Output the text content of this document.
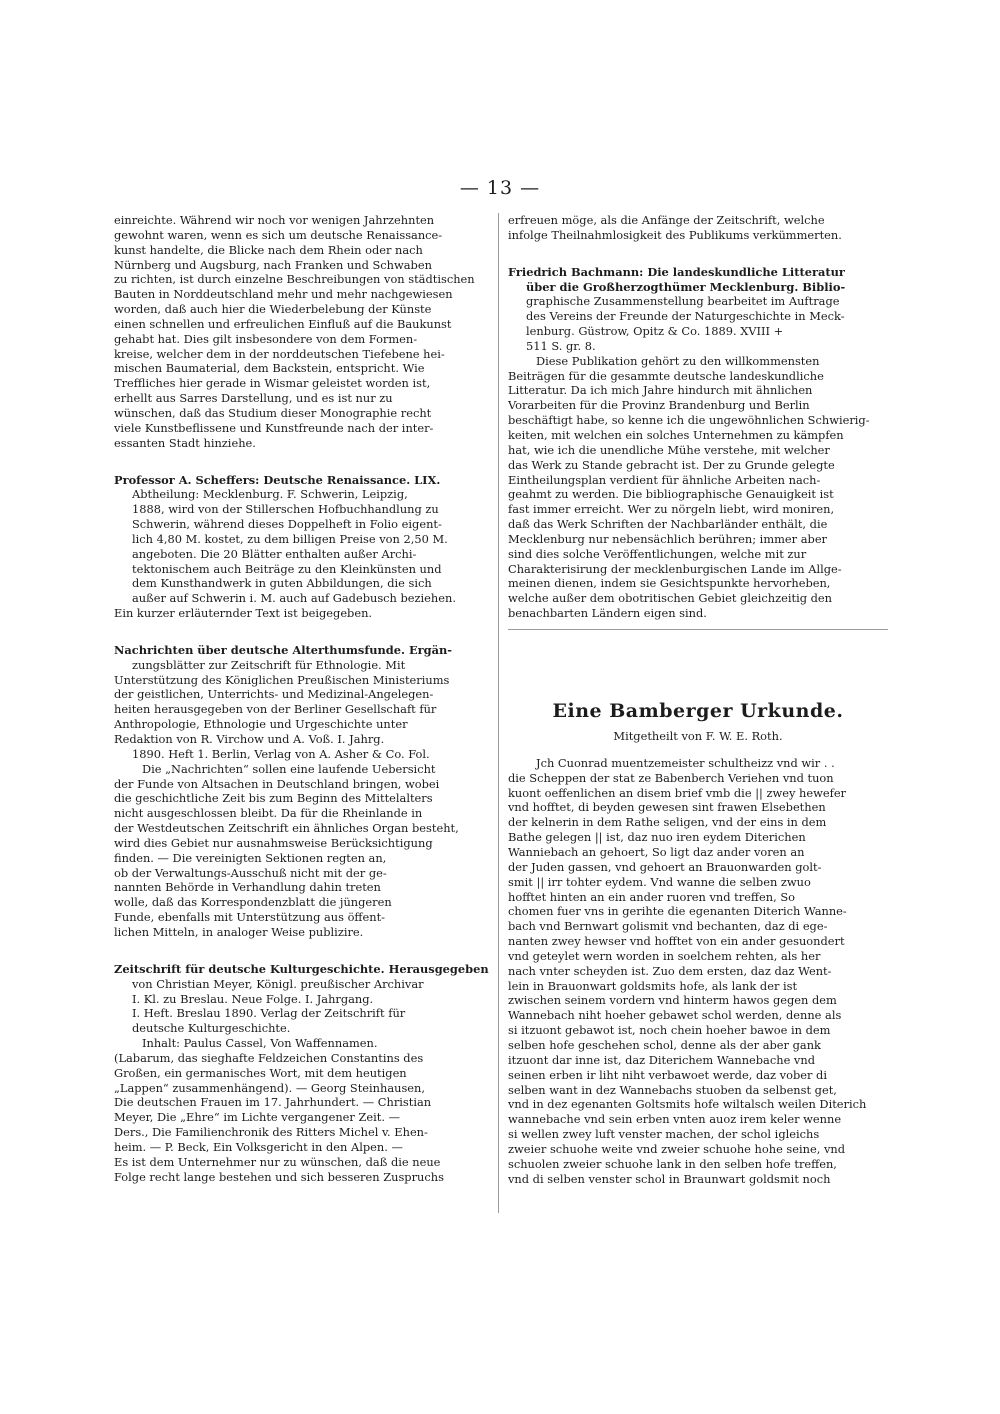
— 13 —
einreichte. Während wir noch vor wenigen Jahrzehnten
gewohnt waren, wenn es sich um deutsche Renaissance-
kunst handelte, die Blicke nach dem Rhein oder nach
Nürnberg und Augsburg, nach Franken und Schwaben
zu richten, ist durch einzelne Beschreibungen von städtischen
Bauten in Norddeutschland mehr und mehr nachgewiesen
worden, daß auch hier die Wiederbelebung der Künste
einen schnellen und erfreulichen Einfluß auf die Baukunst
gehabt hat. Dies gilt insbesondere von dem Formen-
kreise, welcher dem in der norddeutschen Tiefebene hei-
mischen Baumaterial, dem Backstein, entspricht. Wie
Treffliches hier gerade in Wismar geleistet worden ist,
erhellt aus Sarres Darstellung, und es ist nur zu
wünschen, daß das Studium dieser Monographie recht
viele Kunstbeflissene und Kunstfreunde nach der inter-
essanten Stadt hinziehe.
Professor A. Scheffers: Deutsche Renaissance. LIX.
Abtheilung: Mecklenburg. F. Schwerin, Leipzig,
1888, wird von der Stillerschen Hofbuchhandlung zu
Schwerin, während dieses Doppelheft in Folio eigent-
lich 4,80 M. kostet, zu dem billigen Preise von 2,50 M.
angeboten. Die 20 Blätter enthalten außer Archi-
tektonischem auch Beiträge zu den Kleinkünsten und
dem Kunsthandwerk in guten Abbildungen, die sich
außer auf Schwerin i. M. auch auf Gadebusch beziehen.
Ein kurzer erläuternder Text ist beigegeben.
Nachrichten über deutsche Alterthumsfunde. Ergän-
zungsblätter zur Zeitschrift für Ethnologie. Mit
Unterstützung des Königlichen Preußischen Ministeriums
der geistlichen, Unterrichts- und Medizinal-Angelegen-
heiten herausgegeben von der Berliner Gesellschaft für
Anthropologie, Ethnologie und Urgeschichte unter
Redaktion von R. Virchow und A. Voß. I. Jahrg.
1890. Heft 1. Berlin, Verlag von A. Asher & Co. Fol.
Die „Nachrichten“ sollen eine laufende Uebersicht
der Funde von Altsachen in Deutschland bringen, wobei
die geschichtliche Zeit bis zum Beginn des Mittelalters
nicht ausgeschlossen bleibt. Da für die Rheinlande in
der Westdeutschen Zeitschrift ein ähnliches Organ besteht,
wird dies Gebiet nur ausnahmsweise Berücksichtigung
finden. — Die vereinigten Sektionen regten an,
ob der Verwaltungs-Ausschuß nicht mit der ge-
nannten Behörde in Verhandlung dahin treten
wolle, daß das Korrespondenzblatt die jüngeren
Funde, ebenfalls mit Unterstützung aus öffent-
lichen Mitteln, in analoger Weise publizire.
Zeitschrift für deutsche Kulturgeschichte. Herausgegeben
von Christian Meyer, Königl. preußischer Archivar
I. Kl. zu Breslau. Neue Folge. I. Jahrgang.
I. Heft. Breslau 1890. Verlag der Zeitschrift für
deutsche Kulturgeschichte.
Inhalt: Paulus Cassel, Von Waffennamen.
(Labarum, das sieghafte Feldzeichen Constantins des
Großen, ein germanisches Wort, mit dem heutigen
„Lappen“ zusammenhängend). — Georg Steinhausen,
Die deutschen Frauen im 17. Jahrhundert. — Christian
Meyer, Die „Ehre“ im Lichte vergangener Zeit. —
Ders., Die Familienchronik des Ritters Michel v. Ehen-
heim. — P. Beck, Ein Volksgericht in den Alpen. —
Es ist dem Unternehmer nur zu wünschen, daß die neue
Folge recht lange bestehen und sich besseren Zuspruchs
erfreuen möge, als die Anfänge der Zeitschrift, welche
infolge Theilnahmlosigkeit des Publikums verkümmerten.
Friedrich Bachmann: Die landeskundliche Litteratur
über die Großherzogthümer Mecklenburg. Biblio-
graphische Zusammenstellung bearbeitet im Auftrage
des Vereins der Freunde der Naturgeschichte in Meck-
lenburg. Güstrow, Opitz & Co. 1889. XVIII +
511 S. gr. 8.
Diese Publikation gehört zu den willkommensten
Beiträgen für die gesammte deutsche landeskundliche
Litteratur. Da ich mich Jahre hindurch mit ähnlichen
Vorarbeiten für die Provinz Brandenburg und Berlin
beschäftigt habe, so kenne ich die ungewöhnlichen Schwierig-
keiten, mit welchen ein solches Unternehmen zu kämpfen
hat, wie ich die unendliche Mühe verstehe, mit welcher
das Werk zu Stande gebracht ist. Der zu Grunde gelegte
Eintheilungsplan verdient für ähnliche Arbeiten nach-
geahmt zu werden. Die bibliographische Genauigkeit ist
fast immer erreicht. Wer zu nörgeln liebt, wird moniren,
daß das Werk Schriften der Nachbarländer enthält, die
Mecklenburg nur nebensächlich berühren; immer aber
sind dies solche Veröffentlichungen, welche mit zur
Charakterisirung der mecklenburgischen Lande im Allge-
meinen dienen, indem sie Gesichtspunkte hervorheben,
welche außer dem obotritischen Gebiet gleichzeitig den
benachbarten Ländern eigen sind.
Eine Bamberger Urkunde.
Mitgetheilt von F. W. E. Roth.
Jch Cuonrad muentzemeister schultheizz vnd wir . .
die Scheppen der stat ze Babenberch Veriehen vnd tuon
kuont oeffenlichen an disem brief vmb die || zwey hewefer
vnd hofftet, di beyden gewesen sint frawen Elsebethen
der kelnerin in dem Rathe seligen, vnd der eins in dem
Bathe gelegen || ist, daz nuo iren eydem Diterichen
Wanniebach an gehoert, So ligt daz ander voren an
der Juden gassen, vnd gehoert an Brauonwarden golt-
smit || irr tohter eydem. Vnd wanne die selben zwuo
hofftet hinten an ein ander ruoren vnd treffen, So
chomen fuer vns in gerihte die egenanten Diterich Wanne-
bach vnd Bernwart golismit vnd bechanten, daz di ege-
nanten zwey hewser vnd hofftet von ein ander gesuondert
vnd geteylet wern worden in soelchem rehten, als her
nach vnter scheyden ist. Zuo dem ersten, daz daz Went-
lein in Brauonwart goldsmits hofe, als lank der ist
zwischen seinem vordern vnd hinterm hawos gegen dem
Wannebach niht hoeher gebawet schol werden, denne als
si itzuont gebawot ist, noch chein hoeher bawoe in dem
selben hofe geschehen schol, denne als der aber gank
itzuont dar inne ist, daz Diterichem Wannebache vnd
seinen erben ir liht niht verbawoet werde, daz vober di
selben want in dez Wannebachs stuoben da selbenst get,
vnd in dez egenanten Goltsmits hofe wiltalsch weilen Diterich
wannebache vnd sein erben vnten auoz irem keler wenne
si wellen zwey luft venster machen, der schol igleichs
zweier schuohe weite vnd zweier schuohe hohe seine, vnd
schuolen zweier schuohe lank in den selben hofe treffen,
vnd di selben venster schol in Braunwart goldsmit noch
